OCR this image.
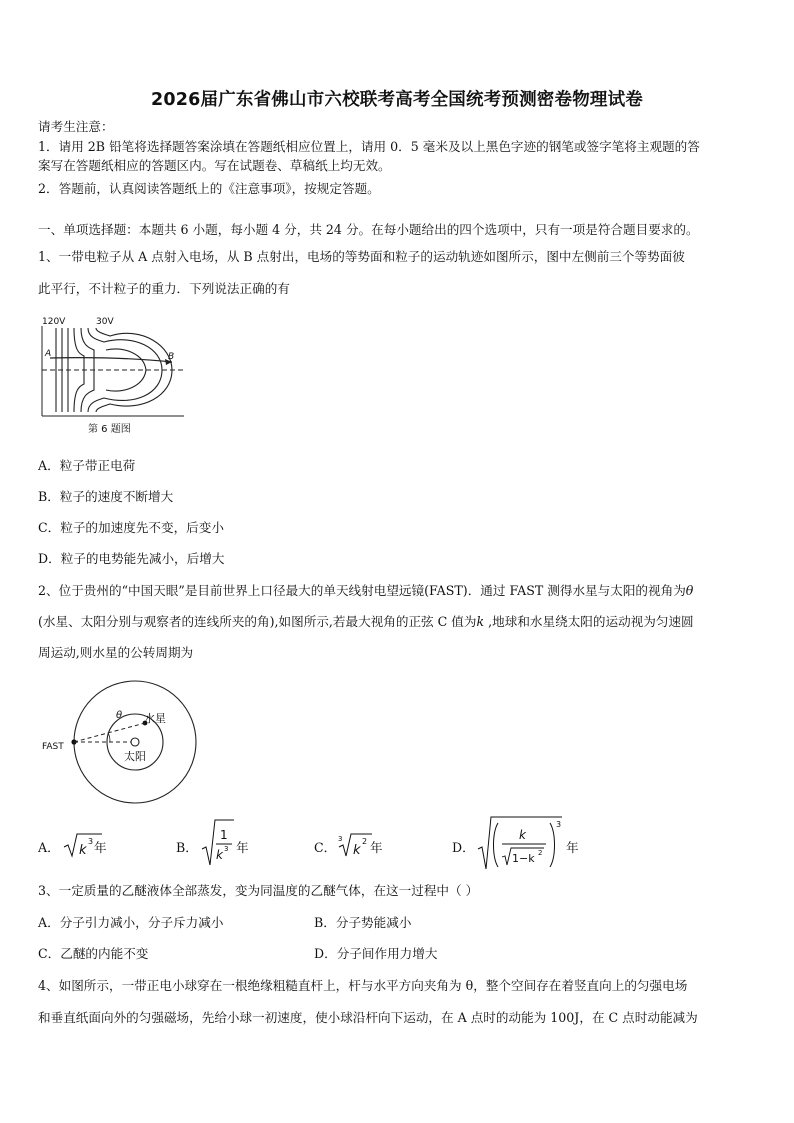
2026届广东省佛山市六校联考高考全国统考预测密卷物理试卷
请考生注意：
1．请用 2B 铅笔将选择题答案涂填在答题纸相应位置上，请用 0．5 毫米及以上黑色字迹的钢笔或签字笔将主观题的答
案写在答题纸相应的答题区内。写在试题卷、草稿纸上均无效。
2．答题前，认真阅读答题纸上的《注意事项》，按规定答题。
一、单项选择题：本题共 6 小题，每小题 4 分，共 24 分。在每小题给出的四个选项中，只有一项是符合题目要求的。
1、一带电粒子从 A 点射入电场，从 B 点射出，电场的等势面和粒子的运动轨迹如图所示，图中左侧前三个等势面彼
此平行，不计粒子的重力．下列说法正确的有
120V	30V
A	B
第 6 题图
A．粒子带正电荷
B．粒子的速度不断增大
C．粒子的加速度先不变，后变小
D．粒子的电势能先减小，后增大
2、位于贵州的“中国天眼”是目前世界上口径最大的单天线射电望远镜(FAST)．通过 FAST 测得水星与太阳的视角为θ
(水星、太阳分别与观察者的连线所夹的角),如图所示,若最大视角的正弦 C 值为k ,地球和水星绕太阳的运动视为匀速圆
周运动,则水星的公转周期为
θ
FAST
水星
太阳
A． k
3 年	B．
1
k 3 年	C．
3
k
2 年	D．
k
1−k 2
3
年
3、一定质量的乙醚液体全部蒸发，变为同温度的乙醚气体，在这一过程中（ ）
A．分子引力减小，分子斥力减小	B．分子势能减小
C．乙醚的内能不变	D．分子间作用力增大
4、如图所示，一带正电小球穿在一根绝缘粗糙直杆上，杆与水平方向夹角为 θ，整个空间存在着竖直向上的匀强电场
和垂直纸面向外的匀强磁场，先给小球一初速度，使小球沿杆向下运动，在 A 点时的动能为 100J，在 C 点时动能减为
